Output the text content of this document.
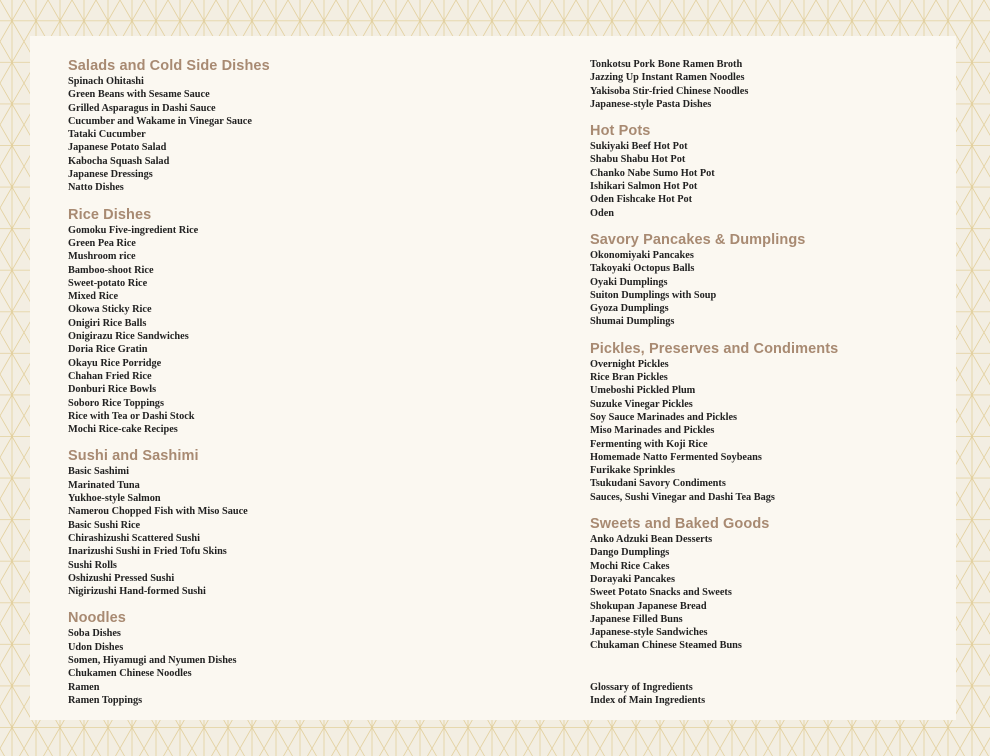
Salads and Cold Side Dishes
Spinach Ohitashi
Green Beans with Sesame Sauce
Grilled Asparagus in Dashi Sauce
Cucumber and Wakame in Vinegar Sauce
Tataki Cucumber
Japanese Potato Salad
Kabocha Squash Salad
Japanese Dressings
Natto Dishes
Rice Dishes
Gomoku Five-ingredient Rice
Green Pea Rice
Mushroom rice
Bamboo-shoot Rice
Sweet-potato Rice
Mixed Rice
Okowa Sticky Rice
Onigiri Rice Balls
Onigirazu Rice Sandwiches
Doria Rice Gratin
Okayu Rice Porridge
Chahan Fried Rice
Donburi Rice Bowls
Soboro Rice Toppings
Rice with Tea or Dashi Stock
Mochi Rice-cake Recipes
Sushi and Sashimi
Basic Sashimi
Marinated Tuna
Yukhoe-style Salmon
Namerou Chopped Fish with Miso Sauce
Basic Sushi Rice
Chirashizushi Scattered Sushi
Inarizushi Sushi in Fried Tofu Skins
Sushi Rolls
Oshizushi Pressed Sushi
Nigirizushi Hand-formed Sushi
Noodles
Soba Dishes
Udon Dishes
Somen, Hiyamugi and Nyumen Dishes
Chukamen Chinese Noodles
Ramen
Ramen Toppings
Tonkotsu Pork Bone Ramen Broth
Jazzing Up Instant Ramen Noodles
Yakisoba Stir-fried Chinese Noodles
Japanese-style Pasta Dishes
Hot Pots
Sukiyaki Beef Hot Pot
Shabu Shabu Hot Pot
Chanko Nabe Sumo Hot Pot
Ishikari Salmon Hot Pot
Oden Fishcake Hot Pot
Oden
Savory Pancakes & Dumplings
Okonomiyaki Pancakes
Takoyaki Octopus Balls
Oyaki Dumplings
Suiton Dumplings with Soup
Gyoza Dumplings
Shumai Dumplings
Pickles, Preserves and Condiments
Overnight Pickles
Rice Bran Pickles
Umeboshi Pickled Plum
Suzuke Vinegar Pickles
Soy Sauce Marinades and Pickles
Miso Marinades and Pickles
Fermenting with Koji Rice
Homemade Natto Fermented Soybeans
Furikake Sprinkles
Tsukudani Savory Condiments
Sauces, Sushi Vinegar and Dashi Tea Bags
Sweets and Baked Goods
Anko Adzuki Bean Desserts
Dango Dumplings
Mochi Rice Cakes
Dorayaki Pancakes
Sweet Potato Snacks and Sweets
Shokupan Japanese Bread
Japanese Filled Buns
Japanese-style Sandwiches
Chukaman Chinese Steamed Buns
Glossary of Ingredients
Index of Main Ingredients
